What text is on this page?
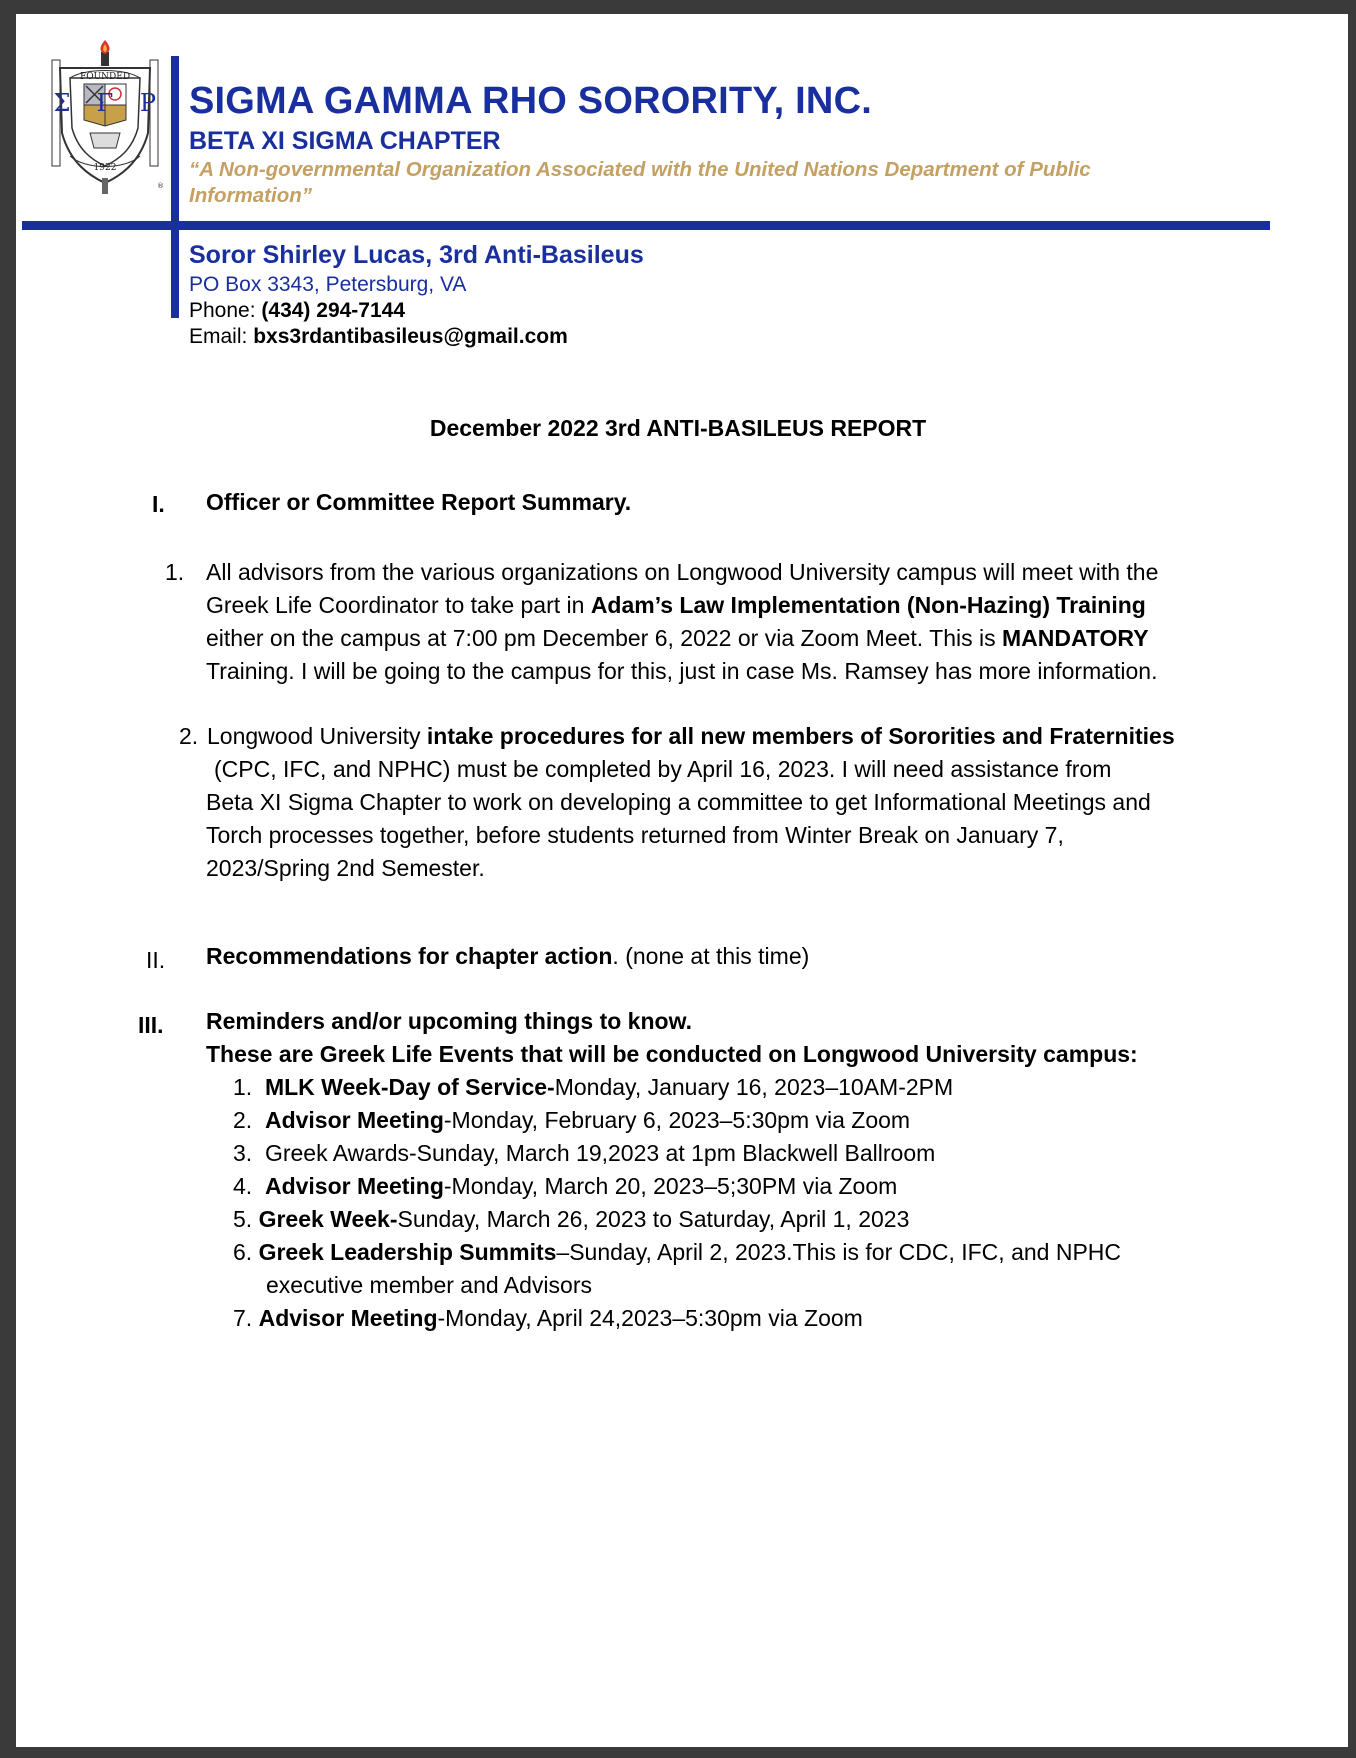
FOUNDED
Σ Γ Ρ
1922
®
SIGMA GAMMA RHO SORORITY, INC.
BETA XI SIGMA CHAPTER
“A Non-governmental Organization Associated with the United Nations Department of Public Information”
Soror Shirley Lucas, 3rd Anti-Basileus
PO Box 3343, Petersburg, VA
Phone: (434) 294-7144
Email: bxs3rdantibasileus@gmail.com
December 2022 3rd ANTI-BASILEUS REPORT
I. Officer or Committee Report Summary.
1. All advisors from the various organizations on Longwood University campus will meet with the
Greek Life Coordinator to take part in Adam’s Law Implementation (Non-Hazing) Training
either on the campus at 7:00 pm December 6, 2022 or via Zoom Meet. This is MANDATORY
Training. I will be going to the campus for this, just in case Ms. Ramsey has more information.
2. Longwood University intake procedures for all new members of Sororities and Fraternities
(CPC, IFC, and NPHC) must be completed by April 16, 2023. I will need assistance from
Beta XI Sigma Chapter to work on developing a committee to get Informational Meetings and
Torch processes together, before students returned from Winter Break on January 7,
2023/Spring 2nd Semester.
II. Recommendations for chapter action. (none at this time)
III. Reminders and/or upcoming things to know.
These are Greek Life Events that will be conducted on Longwood University campus:
1. MLK Week-Day of Service-Monday, January 16, 2023–10AM-2PM
2. Advisor Meeting-Monday, February 6, 2023–5:30pm via Zoom
3. Greek Awards-Sunday, March 19,2023 at 1pm Blackwell Ballroom
4. Advisor Meeting-Monday, March 20, 2023–5;30PM via Zoom
5. Greek Week-Sunday, March 26, 2023 to Saturday, April 1, 2023
6. Greek Leadership Summits–Sunday, April 2, 2023.This is for CDC, IFC, and NPHC
executive member and Advisors
7. Advisor Meeting-Monday, April 24,2023–5:30pm via Zoom
